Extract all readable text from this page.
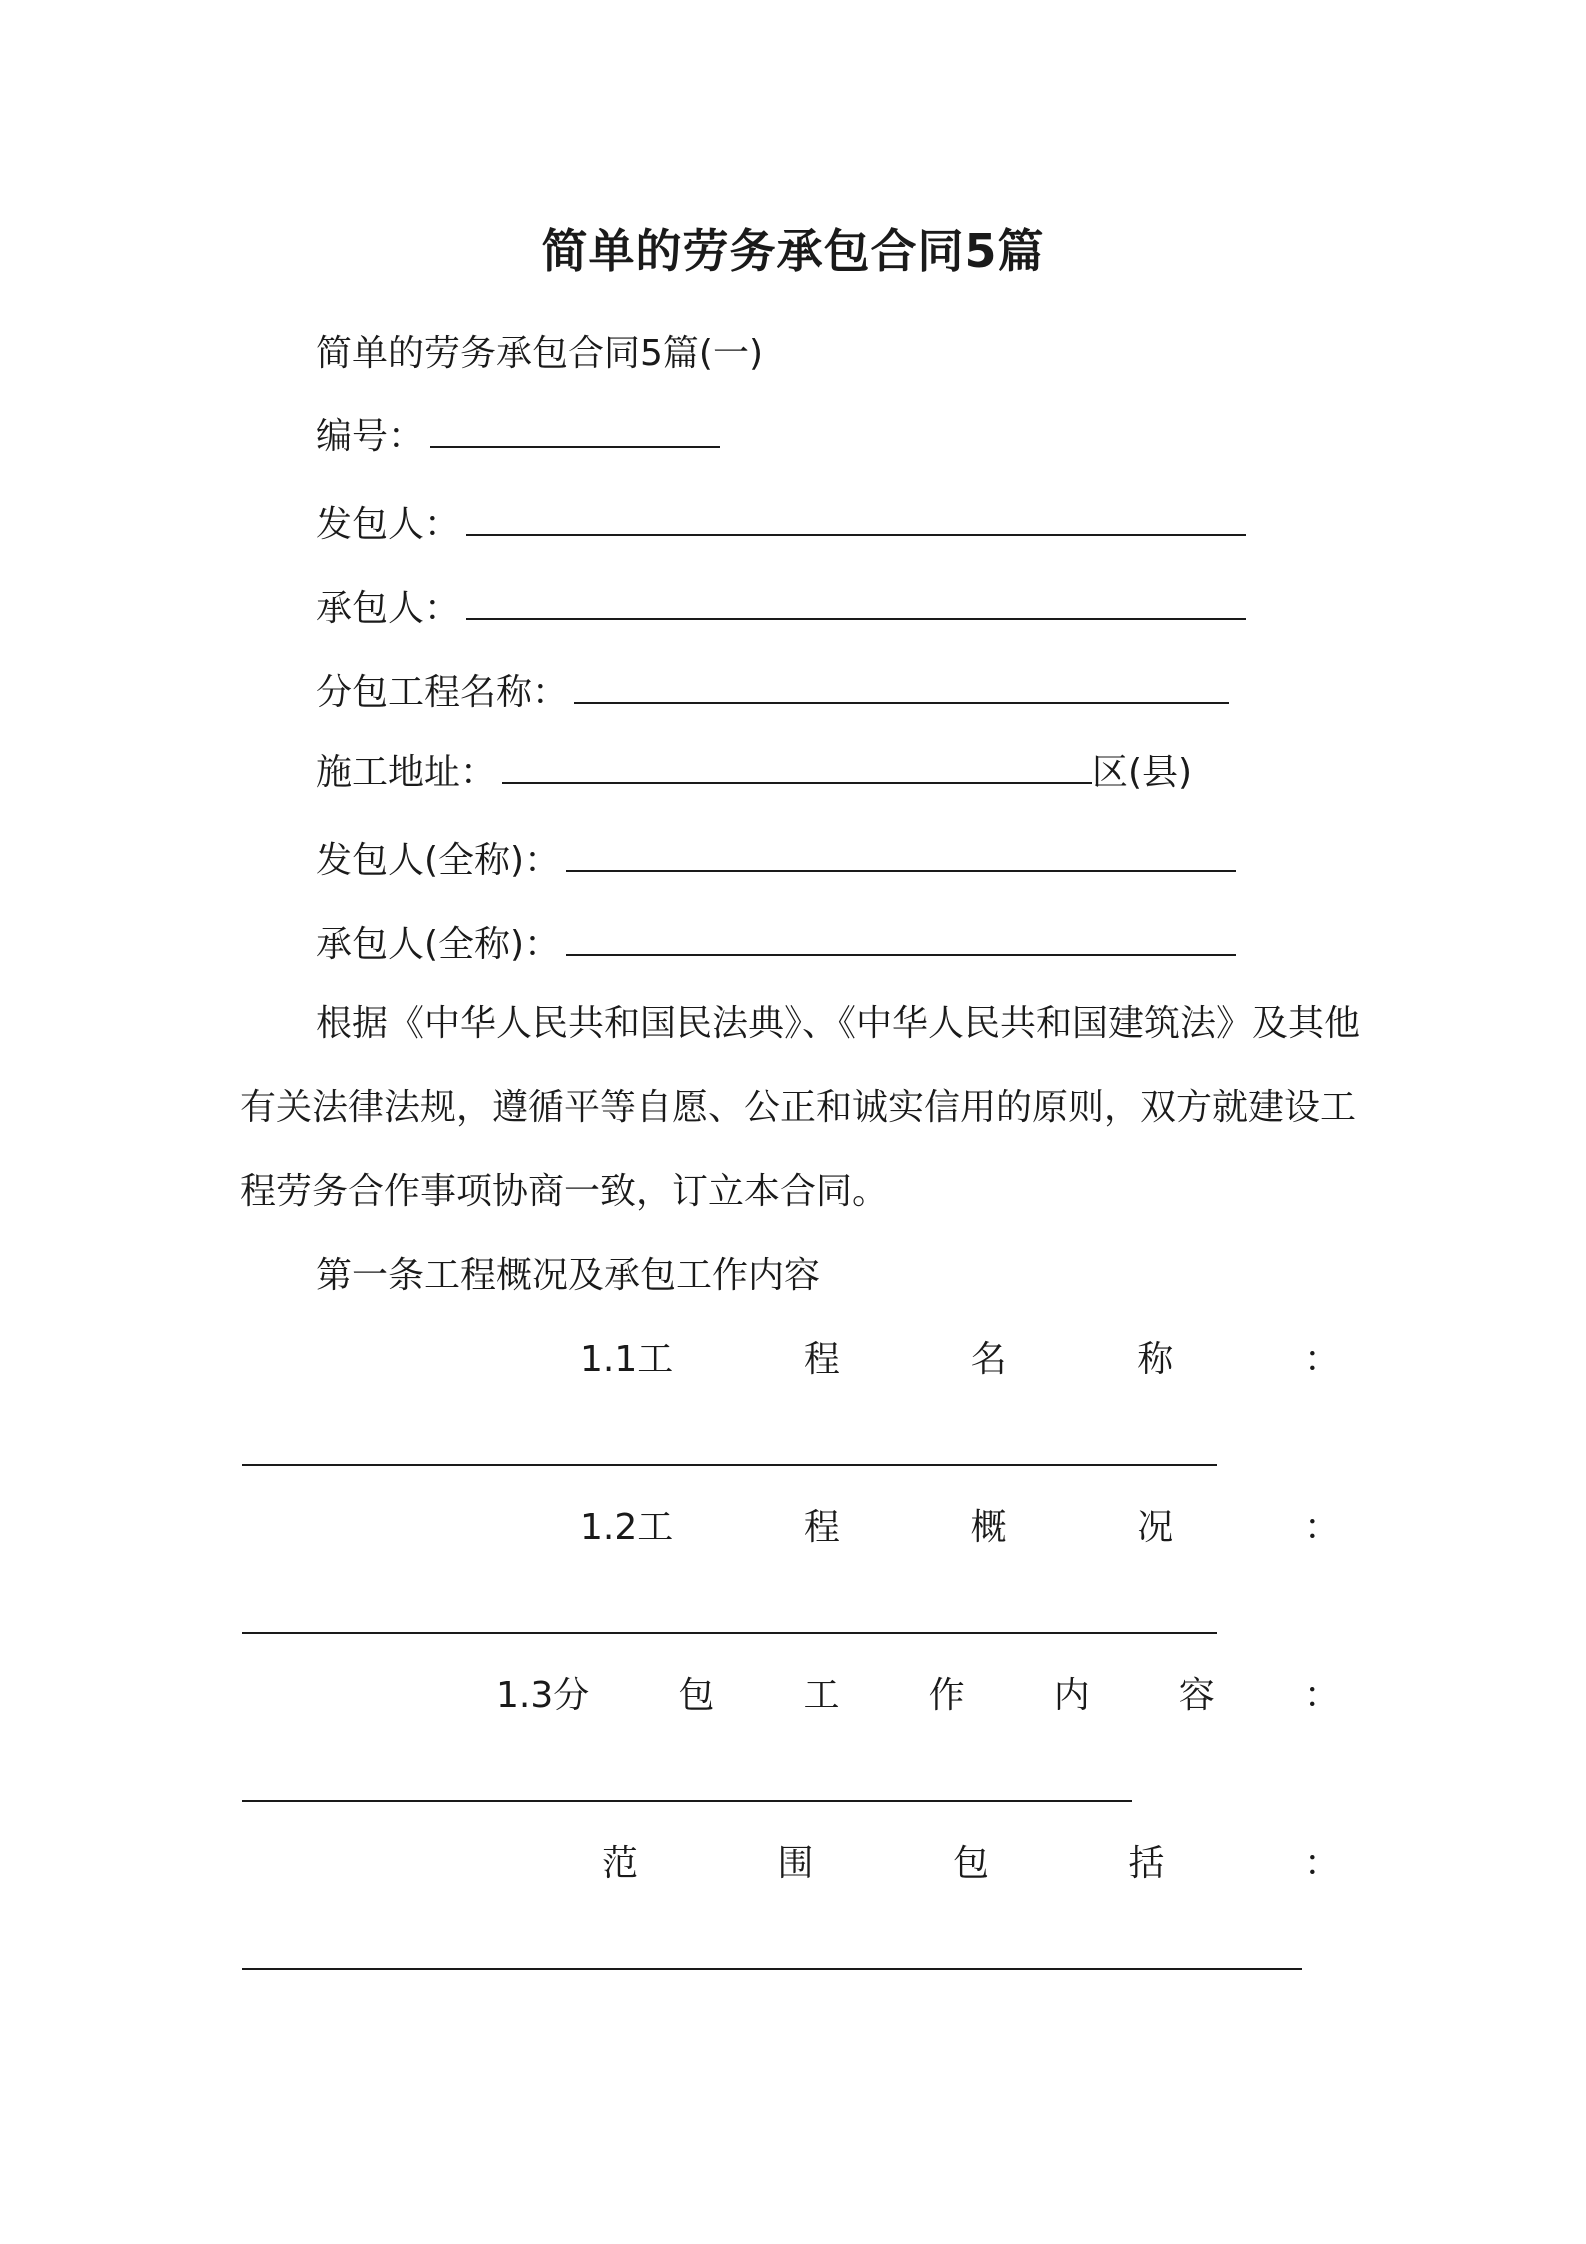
简单的劳务承包合同5篇
简单的劳务承包合同5篇(一)
编号：
发包人：
承包人：
分包工程名称：
施工地址：	区(县)
发包人(全称)：
承包人(全称)：
根据《中华人民共和国民法典》、《中华人民共和国建筑法》及其他有关法律法规，遵循平等自愿、公正和诚实信用的原则，双方就建设工程劳务合作事项协商一致，订立本合同。
第一条工程概况及承包工作内容
1.1工	程	名	称	：
1.2工	程	概	况	：
1.3分 包 工 作 内 容 ：
范	围	包	括	：
